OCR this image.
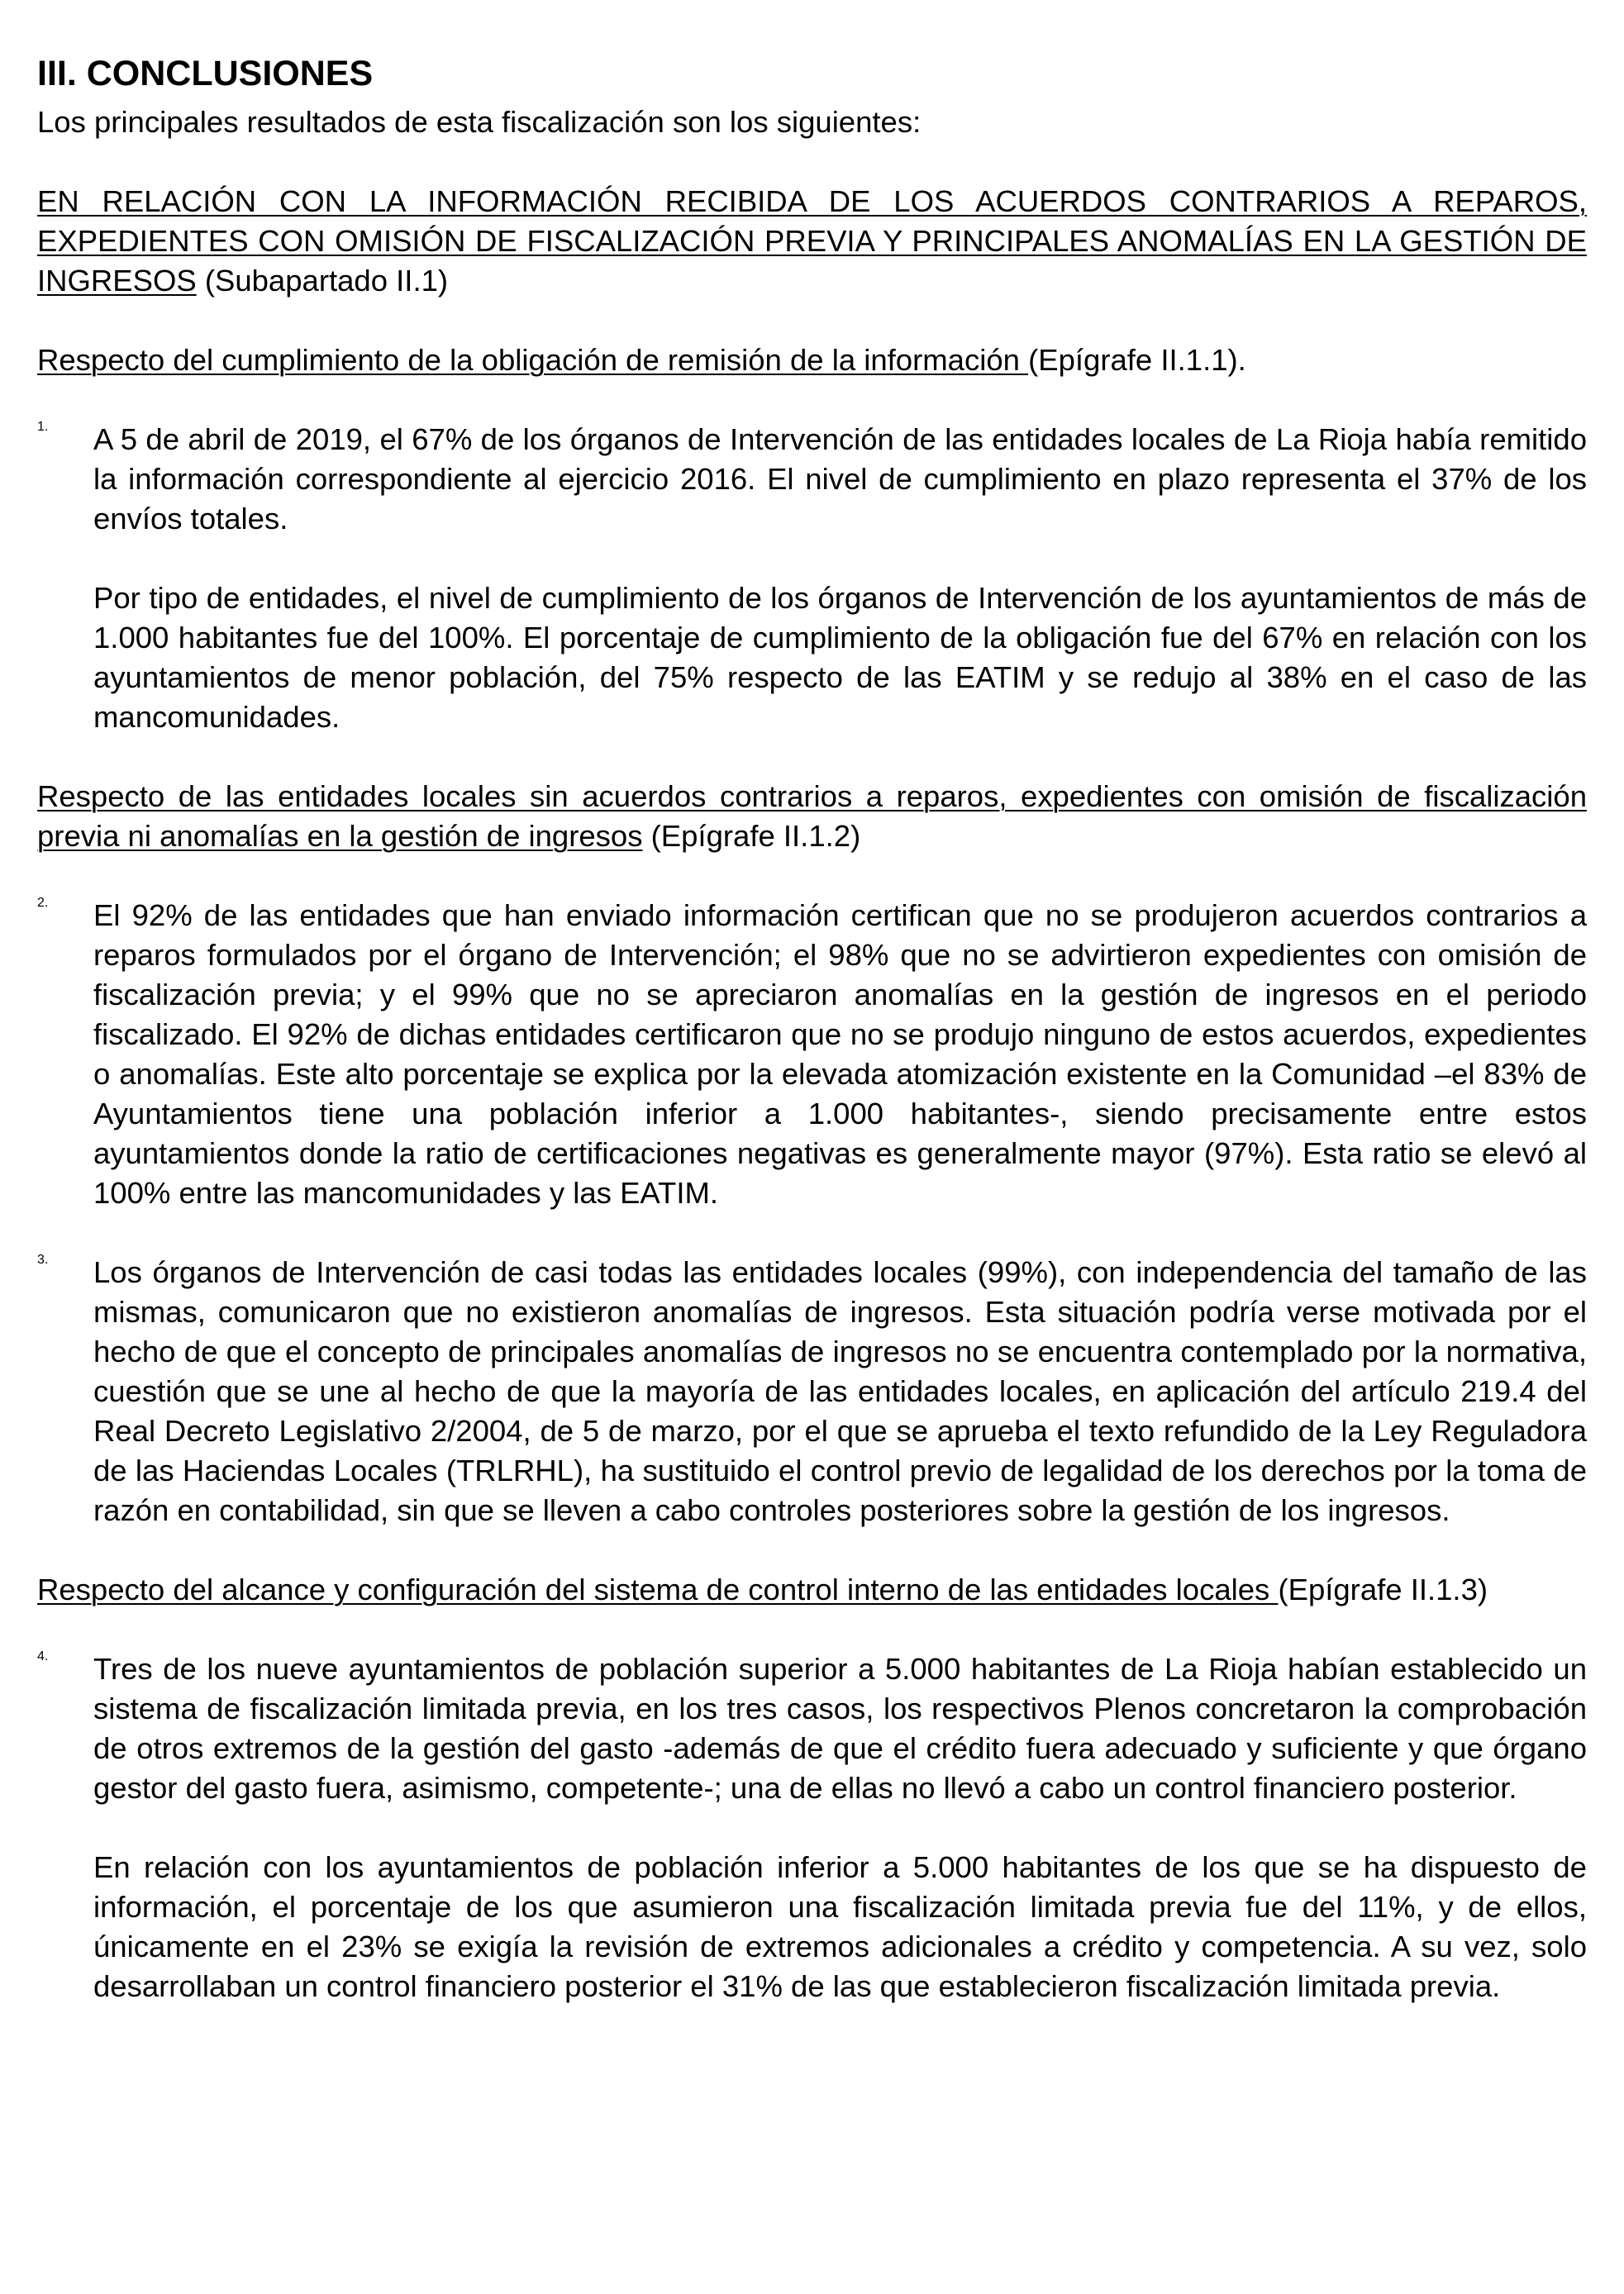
III. CONCLUSIONES

Los principales resultados de esta fiscalización son los siguientes:

EN RELACIÓN CON LA INFORMACIÓN RECIBIDA DE LOS ACUERDOS CONTRARIOS A REPAROS, EXPEDIENTES CON OMISIÓN DE FISCALIZACIÓN PREVIA Y PRINCIPALES ANOMALÍAS EN LA GESTIÓN DE INGRESOS (Subapartado II.1)

Respecto del cumplimiento de la obligación de remisión de la información (Epígrafe II.1.1).

1. A 5 de abril de 2019, el 67% de los órganos de Intervención de las entidades locales de La Rioja había remitido la información correspondiente al ejercicio 2016. El nivel de cumplimiento en plazo representa el 37% de los envíos totales.

Por tipo de entidades, el nivel de cumplimiento de los órganos de Intervención de los ayuntamientos de más de 1.000 habitantes fue del 100%. El porcentaje de cumplimiento de la obligación fue del 67% en relación con los ayuntamientos de menor población, del 75% respecto de las EATIM y se redujo al 38% en el caso de las mancomunidades.

Respecto de las entidades locales sin acuerdos contrarios a reparos, expedientes con omisión de fiscalización previa ni anomalías en la gestión de ingresos (Epígrafe II.1.2)

2. El 92% de las entidades que han enviado información certifican que no se produjeron acuerdos contrarios a reparos formulados por el órgano de Intervención; el 98% que no se advirtieron expedientes con omisión de fiscalización previa; y el 99% que no se apreciaron anomalías en la gestión de ingresos en el periodo fiscalizado. El 92% de dichas entidades certificaron que no se produjo ninguno de estos acuerdos, expedientes o anomalías. Este alto porcentaje se explica por la elevada atomización existente en la Comunidad –el 83% de Ayuntamientos tiene una población inferior a 1.000 habitantes-, siendo precisamente entre estos ayuntamientos donde la ratio de certificaciones negativas es generalmente mayor (97%). Esta ratio se elevó al 100% entre las mancomunidades y las EATIM.

3. Los órganos de Intervención de casi todas las entidades locales (99%), con independencia del tamaño de las mismas, comunicaron que no existieron anomalías de ingresos. Esta situación podría verse motivada por el hecho de que el concepto de principales anomalías de ingresos no se encuentra contemplado por la normativa, cuestión que se une al hecho de que la mayoría de las entidades locales, en aplicación del artículo 219.4 del Real Decreto Legislativo 2/2004, de 5 de marzo, por el que se aprueba el texto refundido de la Ley Reguladora de las Haciendas Locales (TRLRHL), ha sustituido el control previo de legalidad de los derechos por la toma de razón en contabilidad, sin que se lleven a cabo controles posteriores sobre la gestión de los ingresos.

Respecto del alcance y configuración del sistema de control interno de las entidades locales (Epígrafe II.1.3)

4. Tres de los nueve ayuntamientos de población superior a 5.000 habitantes de La Rioja habían establecido un sistema de fiscalización limitada previa, en los tres casos, los respectivos Plenos concretaron la comprobación de otros extremos de la gestión del gasto -además de que el crédito fuera adecuado y suficiente y que órgano gestor del gasto fuera, asimismo, competente-; una de ellas no llevó a cabo un control financiero posterior.

En relación con los ayuntamientos de población inferior a 5.000 habitantes de los que se ha dispuesto de información, el porcentaje de los que asumieron una fiscalización limitada previa fue del 11%, y de ellos, únicamente en el 23% se exigía la revisión de extremos adicionales a crédito y competencia. A su vez, solo desarrollaban un control financiero posterior el 31% de las que establecieron fiscalización limitada previa.
